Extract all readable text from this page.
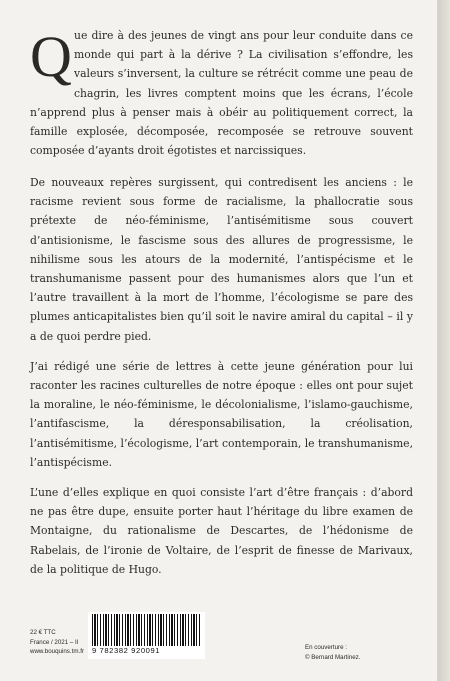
Que dire à des jeunes de vingt ans pour leur conduite dans ce monde qui part à la dérive ? La civilisation s’effondre, les valeurs s’inversent, la culture se rétrécit comme une peau de chagrin, les livres comptent moins que les écrans, l’école n’apprend plus à penser mais à obéir au politiquement correct, la famille explosée, décomposée, recomposée se retrouve souvent composée d’ayants droit égotistes et narcissiques.

De nouveaux repères surgissent, qui contredisent les anciens : le racisme revient sous forme de racialisme, la phallocratie sous prétexte de néo-féminisme, l’antisémitisme sous couvert d’antisionisme, le fascisme sous des allures de progressisme, le nihilisme sous les atours de la modernité, l’antispécisme et le transhumanisme passent pour des humanismes alors que l’un et l’autre travaillent à la mort de l’homme, l’écologisme se pare des plumes anticapitalistes bien qu’il soit le navire amiral du capital – il y a de quoi perdre pied.

J’ai rédigé une série de lettres à cette jeune génération pour lui raconter les racines culturelles de notre époque : elles ont pour sujet la moraline, le néo-féminisme, le décolonialisme, l’islamo-gauchisme, l’antifascisme, la déresponsabilisation, la créolisation, l’antisémitisme, l’écologisme, l’art contemporain, le transhumanisme, l’antispécisme.

L’une d’elles explique en quoi consiste l’art d’être français : d’abord ne pas être dupe, ensuite porter haut l’héritage du libre examen de Montaigne, du rationalisme de Descartes, de l’hédonisme de Rabelais, de l’ironie de Voltaire, de l’esprit de finesse de Marivaux, de la politique de Hugo.

22 € TTC
France / 2021 – II
www.bouquins.tm.fr 9 782382 920091	En couverture :
© Bernard Martinez.
